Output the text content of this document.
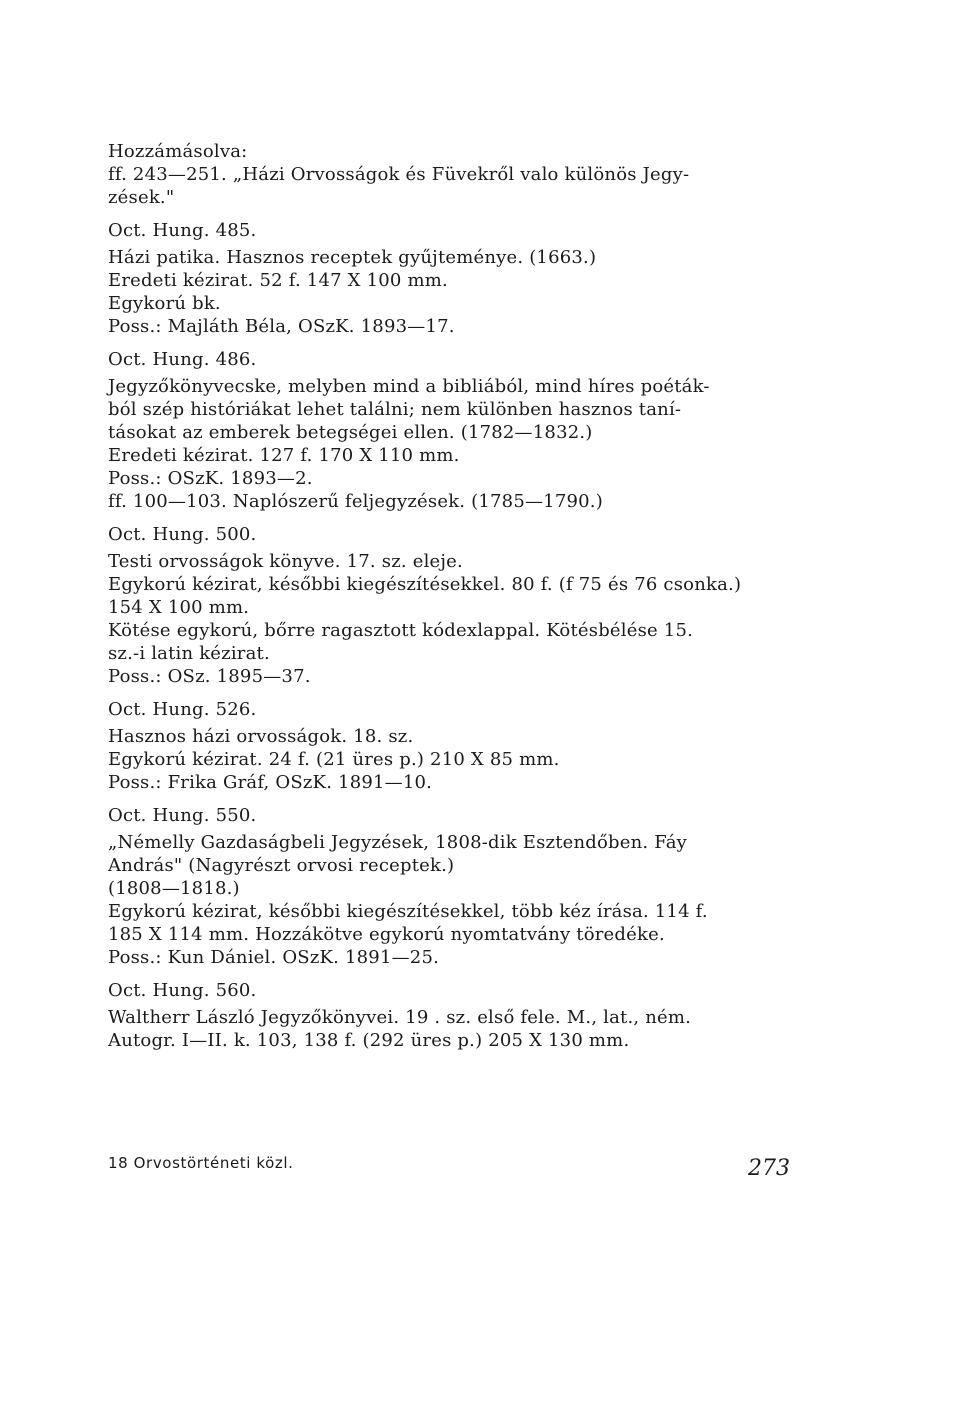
Hozzámásolva:
ff. 243—251. „Házi Orvosságok és Füvekről valo különös Jegy-
zések."
Oct. Hung. 485.
Házi patika. Hasznos receptek gyűjteménye. (1663.)
Eredeti kézirat. 52 f. 147 X 100 mm.
Egykorú bk.
Poss.: Majláth Béla, OSzK. 1893—17.
Oct. Hung. 486.
Jegyzőkönyvecske, melyben mind a bibliából, mind híres poéták-
ból szép históriákat lehet találni; nem különben hasznos taní-
tásokat az emberek betegségei ellen. (1782—1832.)
Eredeti kézirat. 127 f. 170 X 110 mm.
Poss.: OSzK. 1893—2.
ff. 100—103. Naplószerű feljegyzések. (1785—1790.)
Oct. Hung. 500.
Testi orvosságok könyve. 17. sz. eleje.
Egykorú kézirat, későbbi kiegészítésekkel. 80 f. (f 75 és 76 csonka.)
154 X 100 mm.
Kötése egykorú, bőrre ragasztott kódexlappal. Kötésbélése 15.
sz.-i latin kézirat.
Poss.: OSz. 1895—37.
Oct. Hung. 526.
Hasznos házi orvosságok. 18. sz.
Egykorú kézirat. 24 f. (21 üres p.) 210 X 85 mm.
Poss.: Frika Gráf, OSzK. 1891—10.
Oct. Hung. 550.
„Némelly Gazdaságbeli Jegyzések, 1808-dik Esztendőben. Fáy
András" (Nagyrészt orvosi receptek.)
(1808—1818.)
Egykorú kézirat, későbbi kiegészítésekkel, több kéz írása. 114 f.
185 X 114 mm. Hozzákötve egykorú nyomtatvány töredéke.
Poss.: Kun Dániel. OSzK. 1891—25.
Oct. Hung. 560.
Waltherr László Jegyzőkönyvei. 19 . sz. első fele. M., lat., ném.
Autogr. I—II. k. 103, 138 f. (292 üres p.) 205 X 130 mm.
18 Orvostörténeti közl.	273
